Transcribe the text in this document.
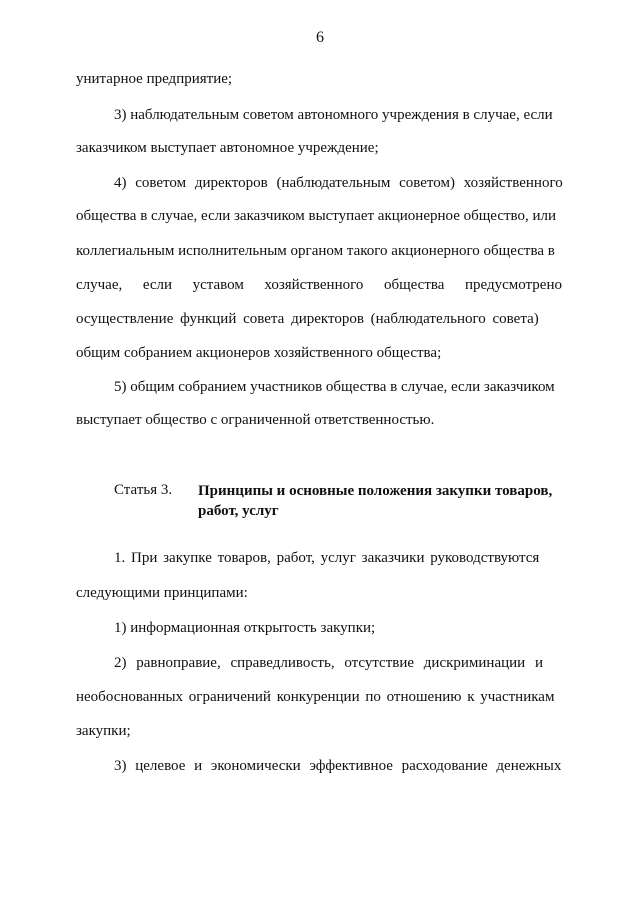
6
унитарное предприятие;
3) наблюдательным советом автономного учреждения в случае, если
заказчиком выступает автономное учреждение;
4) советом директоров (наблюдательным советом) хозяйственного
общества в случае, если заказчиком выступает акционерное общество, или
коллегиальным исполнительным органом такого акционерного общества в
случае, если уставом хозяйственного общества предусмотрено
осуществление функций совета директоров (наблюдательного совета)
общим собранием акционеров хозяйственного общества;
5) общим собранием участников общества в случае, если заказчиком
выступает общество с ограниченной ответственностью.
Статья 3. Принципы и основные положения закупки товаров, работ, услуг
1. При закупке товаров, работ, услуг заказчики руководствуются
следующими принципами:
1) информационная открытость закупки;
2) равноправие, справедливость, отсутствие дискриминации и
необоснованных ограничений конкуренции по отношению к участникам
закупки;
3) целевое и экономически эффективное расходование денежных
